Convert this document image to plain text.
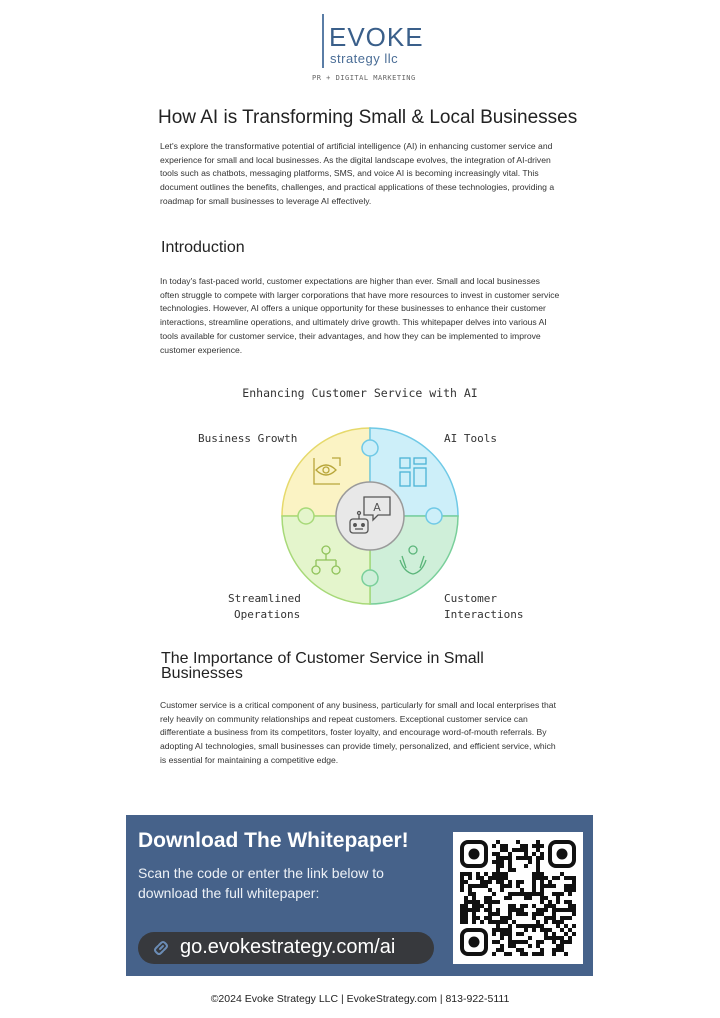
EVOKE
strategy llc
PR + DIGITAL MARKETING
How AI is Transforming Small & Local Businesses
Let's explore the transformative potential of artificial intelligence (AI) in enhancing customer service and experience for small and local businesses. As the digital landscape evolves, the integration of AI-driven tools such as chatbots, messaging platforms, SMS, and voice AI is becoming increasingly vital. This document outlines the benefits, challenges, and practical applications of these technologies, providing a roadmap for small businesses to leverage AI effectively.
Introduction
In today's fast-paced world, customer expectations are higher than ever. Small and local businesses often struggle to compete with larger corporations that have more resources to invest in customer service technologies. However, AI offers a unique opportunity for these businesses to enhance their customer interactions, streamline operations, and ultimately drive growth. This whitepaper delves into various AI tools available for customer service, their advantages, and how they can be implemented to improve customer experience.
Enhancing Customer Service with AI
A
Business Growth	AI Tools
Streamlined
Operations
Customer
Interactions
The Importance of Customer Service in Small Businesses
Customer service is a critical component of any business, particularly for small and local enterprises that rely heavily on community relationships and repeat customers. Exceptional customer service can differentiate a business from its competitors, foster loyalty, and encourage word-of-mouth referrals. By adopting AI technologies, small businesses can provide timely, personalized, and efficient service, which is essential for maintaining a competitive edge.
Download The Whitepaper!
Scan the code or enter the link below to download the full whitepaper:
go.evokestrategy.com/ai
©2024 Evoke Strategy LLC | EvokeStrategy.com | 813-922-5111
